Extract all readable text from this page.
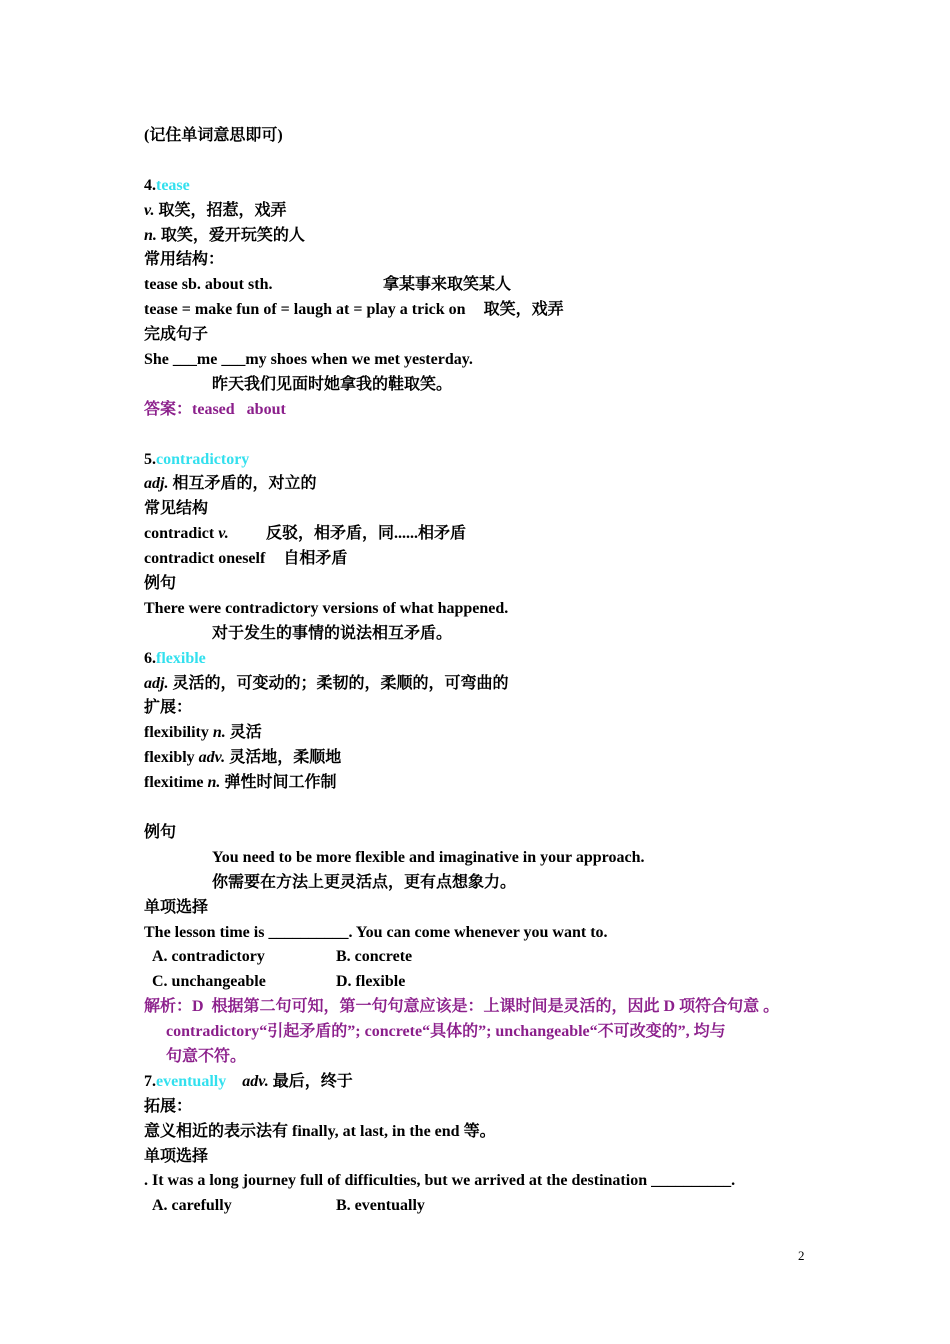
(记住单词意思即可)
4.tease
v. 取笑，招惹，戏弄
n. 取笑，爱开玩笑的人
常用结构：
tease sb. about sth.	拿某事来取笑某人
tease = make fun of = laugh at = play a trick on 取笑，戏弄
完成句子
She ___me ___my shoes when we met yesterday.
昨天我们见面时她拿我的鞋取笑。
答案：teased   about
5.contradictory
adj. 相互矛盾的，对立的
常见结构
contradict v. 反驳，相矛盾，同......相矛盾
contradict oneself 自相矛盾
例句
There were contradictory versions of what happened.
对于发生的事情的说法相互矛盾。
6.flexible
adj. 灵活的，可变动的；柔韧的，柔顺的，可弯曲的
扩展：
flexibility n. 灵活
flexibly adv. 灵活地，柔顺地
flexitime n. 弹性时间工作制
例句
You need to be more flexible and imaginative in your approach.
你需要在方法上更灵活点，更有点想象力。
单项选择
The lesson time is __________. You can come whenever you want to.
A. contradictory	B. concrete
C. unchangeable	D. flexible
解析：D  根据第二句可知，第一句句意应该是：上课时间是灵活的，因此 D 项符合句意 。
contradictory“引起矛盾的”; concrete“具体的”; unchangeable“不可改变的”, 均与
句意不符。
7.eventually adv. 最后，终于
拓展：
意义相近的表示法有 finally, at last, in the end 等。
单项选择
. It was a long journey full of difficulties, but we arrived at the destination __________.
A. carefully	B. eventually
2
